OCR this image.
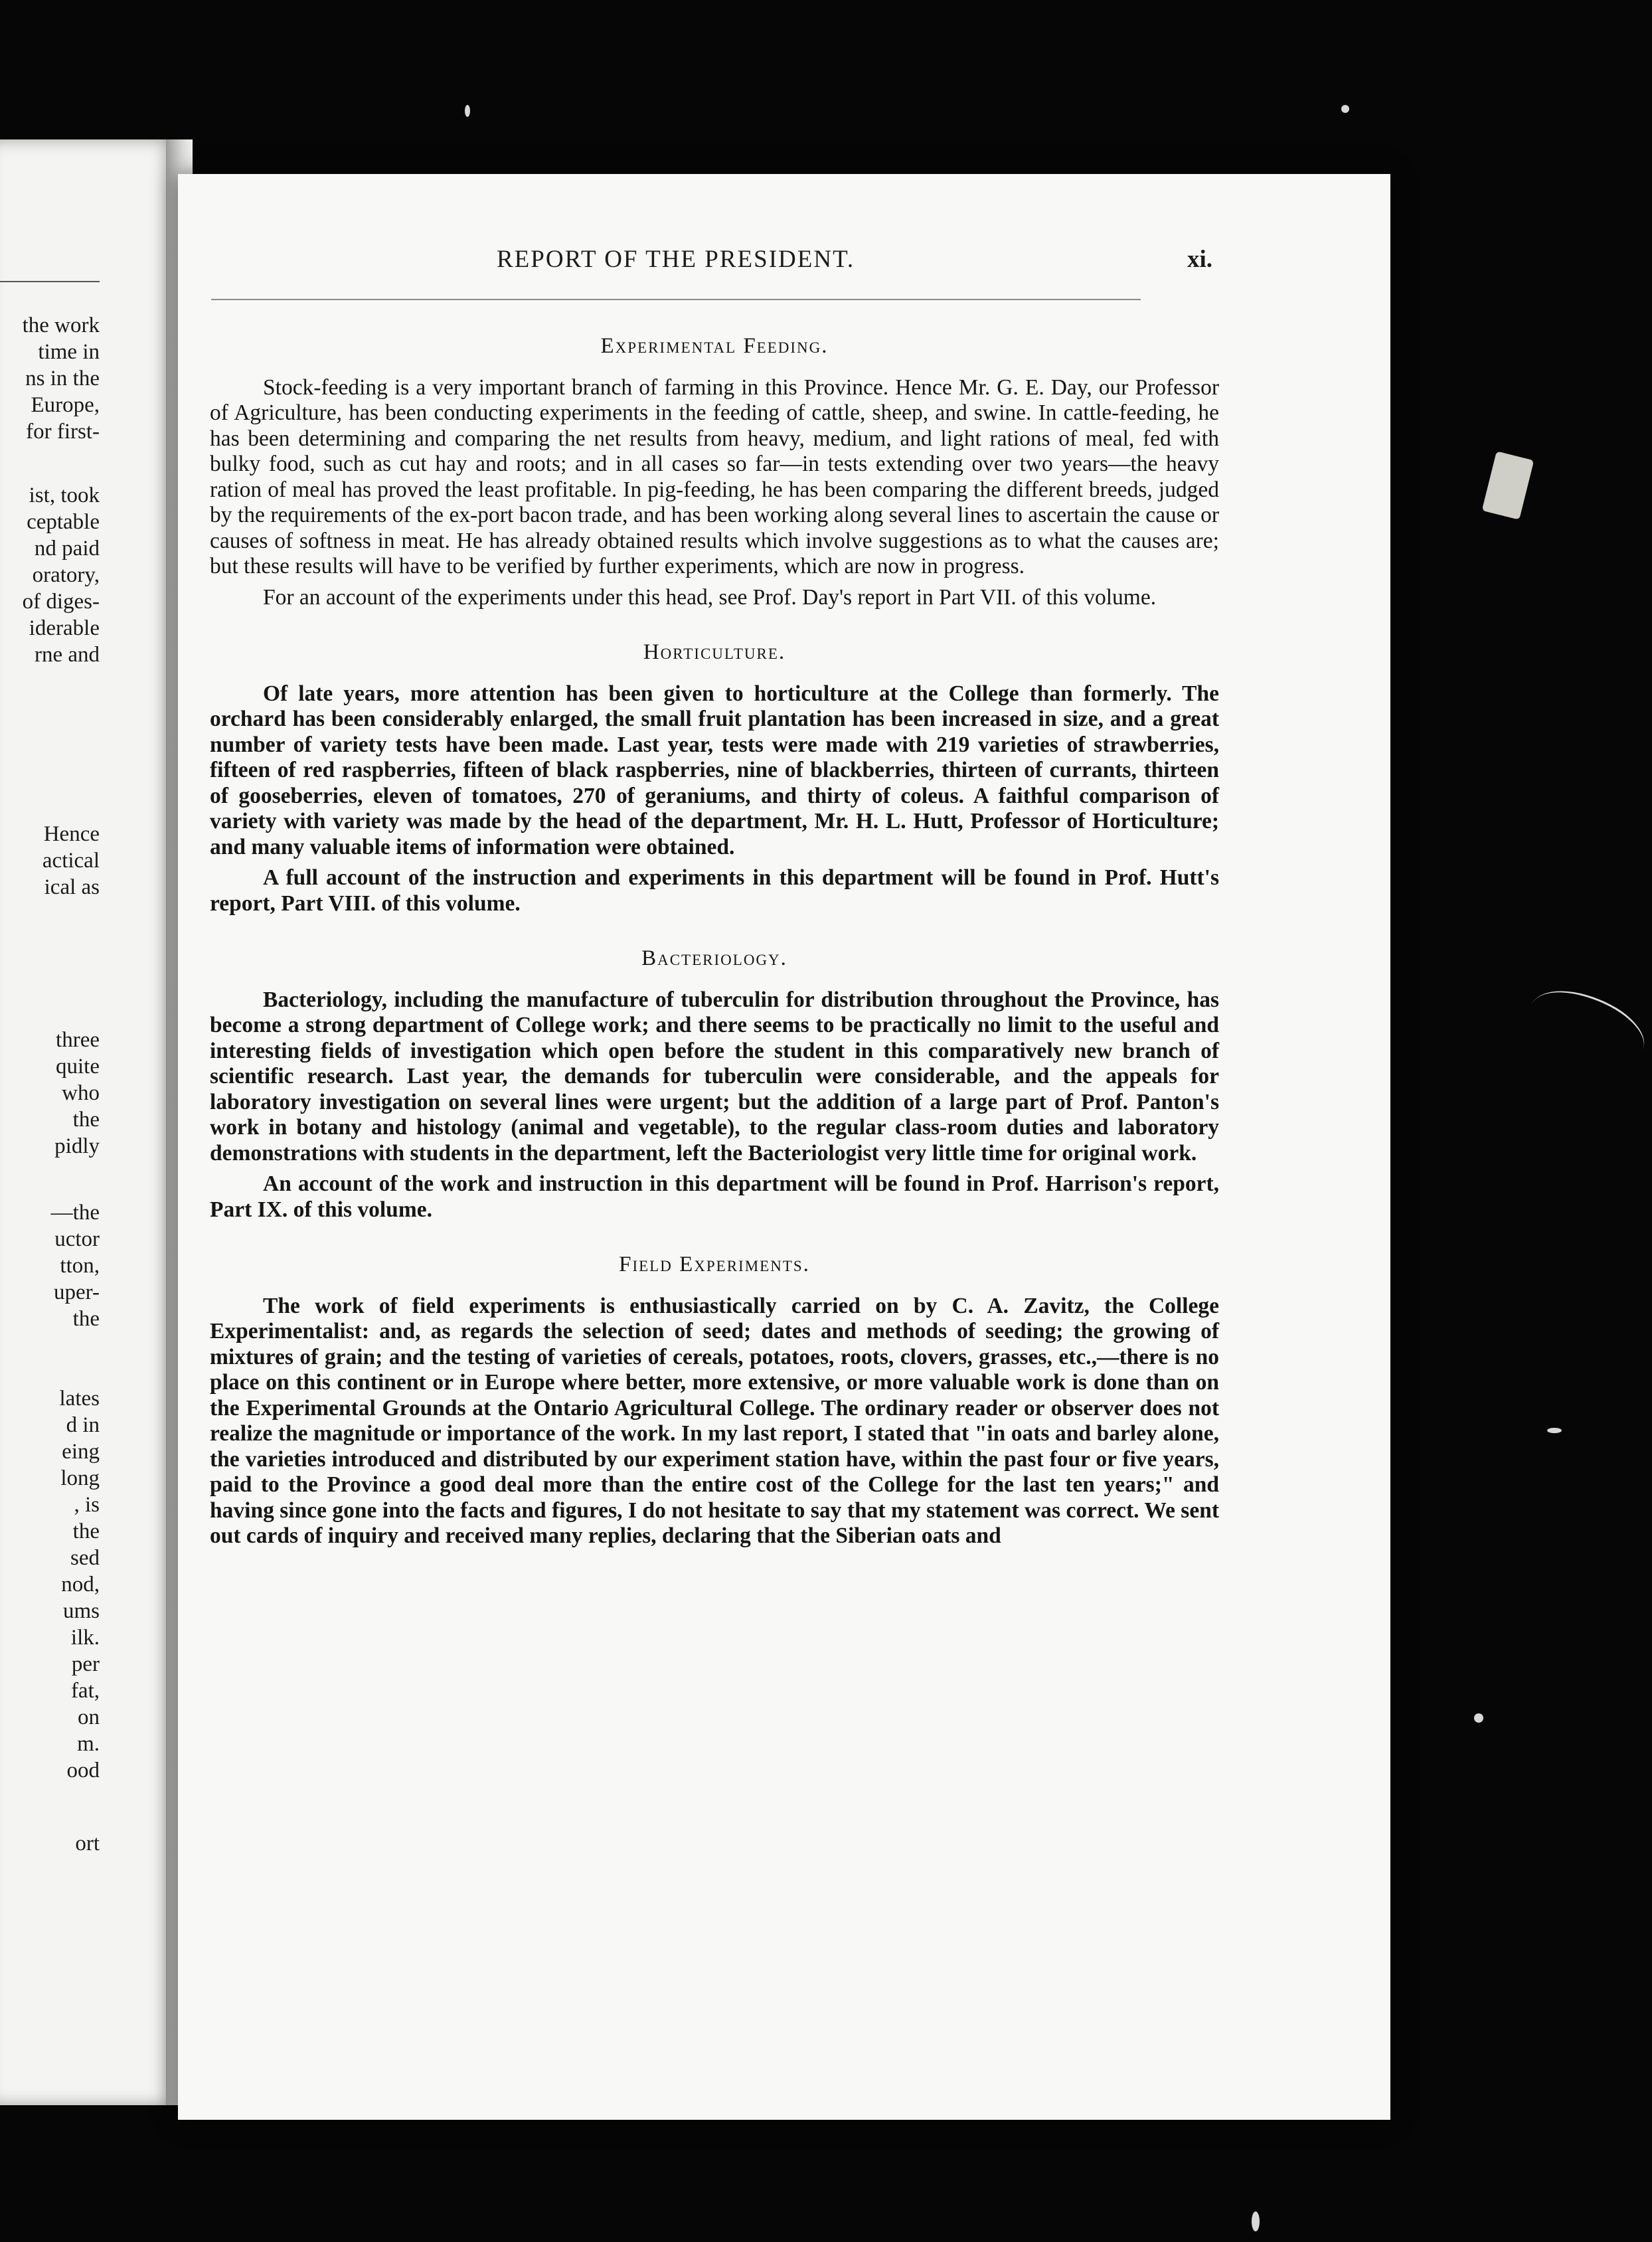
the work
time in
ns in the
Europe,
for first-
ist, took
ceptable
nd paid
oratory,
of diges-
iderable
rne and
Hence
actical
ical as
three
quite
who
the
pidly
—the
uctor
tton,
uper-
the
lates
d in
eing
long
, is
the
sed
nod,
ums
ilk.
per
fat,
on
m.
ood
ort
REPORT OF THE PRESIDENT.	xi.
Experimental Feeding.

Stock-feeding is a very important branch of farming in this Province. Hence Mr. G. E. Day, our Professor of Agriculture, has been conducting experiments in the feeding of cattle, sheep, and swine. In cattle-feeding, he has been determining and comparing the net results from heavy, medium, and light rations of meal, fed with bulky food, such as cut hay and roots; and in all cases so far—in tests extending over two years—the heavy ration of meal has proved the least profitable. In pig-feeding, he has been comparing the different breeds, judged by the requirements of the ex-port bacon trade, and has been working along several lines to ascertain the cause or causes of softness in meat. He has already obtained results which involve suggestions as to what the causes are; but these results will have to be verified by further experiments, which are now in progress.

For an account of the experiments under this head, see Prof. Day's report in Part VII. of this volume.

Horticulture.

Of late years, more attention has been given to horticulture at the College than formerly. The orchard has been considerably enlarged, the small fruit plantation has been increased in size, and a great number of variety tests have been made. Last year, tests were made with 219 varieties of strawberries, fifteen of red raspberries, fifteen of black raspberries, nine of blackberries, thirteen of currants, thirteen of gooseberries, eleven of tomatoes, 270 of geraniums, and thirty of coleus. A faithful comparison of variety with variety was made by the head of the department, Mr. H. L. Hutt, Professor of Horticulture; and many valuable items of information were obtained.

A full account of the instruction and experiments in this department will be found in Prof. Hutt's report, Part VIII. of this volume.

Bacteriology.

Bacteriology, including the manufacture of tuberculin for distribution throughout the Province, has become a strong department of College work; and there seems to be practically no limit to the useful and interesting fields of investigation which open before the student in this comparatively new branch of scientific research. Last year, the demands for tuberculin were considerable, and the appeals for laboratory investigation on several lines were urgent; but the addition of a large part of Prof. Panton's work in botany and histology (animal and vegetable), to the regular class-room duties and laboratory demonstrations with students in the department, left the Bacteriologist very little time for original work.

An account of the work and instruction in this department will be found in Prof. Harrison's report, Part IX. of this volume.

Field Experiments.

The work of field experiments is enthusiastically carried on by C. A. Zavitz, the College Experimentalist: and, as regards the selection of seed; dates and methods of seeding; the growing of mixtures of grain; and the testing of varieties of cereals, potatoes, roots, clovers, grasses, etc.,—there is no place on this continent or in Europe where better, more extensive, or more valuable work is done than on the Experimental Grounds at the Ontario Agricultural College. The ordinary reader or observer does not realize the magnitude or importance of the work. In my last report, I stated that "in oats and barley alone, the varieties introduced and distributed by our experiment station have, within the past four or five years, paid to the Province a good deal more than the entire cost of the College for the last ten years;" and having since gone into the facts and figures, I do not hesitate to say that my statement was correct. We sent out cards of inquiry and received many replies, declaring that the Siberian oats and
